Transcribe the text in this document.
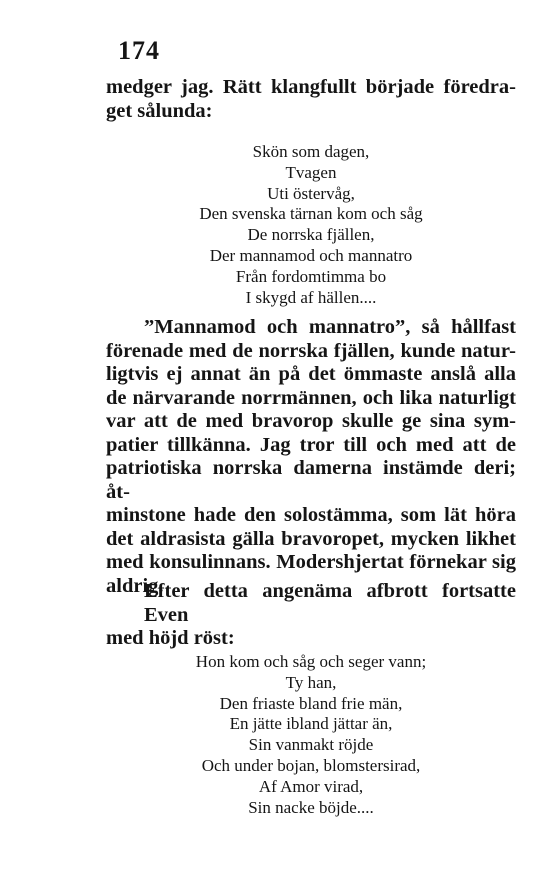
174
medger jag. Rätt klangfullt började föredra-
get sålunda:
Skön som dagen,
Tvagen
Uti östervåg,
Den svenska tärnan kom och såg
De norrska fjällen,
Der mannamod och mannatro
Från fordomtimma bo
I skygd af hällen....
”Mannamod och mannatro”, så hållfast
förenade med de norrska fjällen, kunde natur-
ligtvis ej annat än på det ömmaste anslå alla
de närvarande norrmännen, och lika naturligt
var att de med bravorop skulle ge sina sym-
patier tillkänna. Jag tror till och med att de
patriotiska norrska damerna instämde deri; åt-
minstone hade den solostämma, som lät höra
det aldrasista gälla bravoropet, mycken likhet
med konsulinnans. Modershjertat förnekar sig
aldrig.
Efter detta angenäma afbrott fortsatte Even
med höjd röst:
Hon kom och såg och seger vann;
Ty han,
Den friaste bland frie män,
En jätte ibland jättar än,
Sin vanmakt röjde
Och under bojan, blomstersirad,
Af Amor virad,
Sin nacke böjde....
